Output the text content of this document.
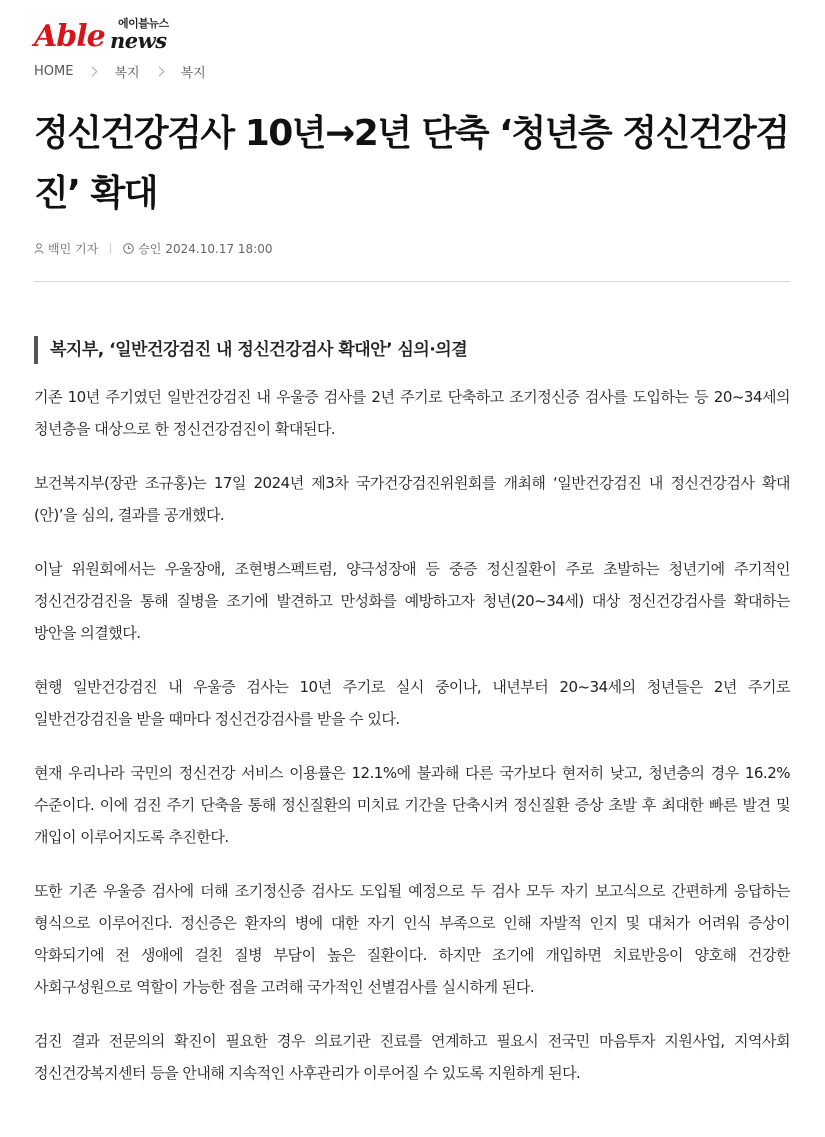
Able 에이블뉴스
news
HOME	복지	복지
정신건강검사 10년→2년 단축 ‘청년층 정신건강검진’ 확대
백민 기자	승인 2024.10.17 18:00
복지부, ‘일반건강검진 내 정신건강검사 확대안’ 심의·의결

기존 10년 주기였던 일반건강검진 내 우울증 검사를 2년 주기로 단축하고 조기정신증 검사를 도입하는 등 20~34세의 청년층을 대상으로 한 정신건강검진이 확대된다.

보건복지부(장관 조규홍)는 17일 2024년 제3차 국가건강검진위원회를 개최해 ‘일반건강검진 내 정신건강검사 확대(안)’을 심의, 결과를 공개했다.

이날 위원회에서는 우울장애, 조현병스펙트럼, 양극성장애 등 중증 정신질환이 주로 초발하는 청년기에 주기적인 정신건강검진을 통해 질병을 조기에 발견하고 만성화를 예방하고자 청년(20~34세) 대상 정신건강검사를 확대하는 방안을 의결했다.

현행 일반건강검진 내 우울증 검사는 10년 주기로 실시 중이나, 내년부터 20~34세의 청년들은 2년 주기로 일반건강검진을 받을 때마다 정신건강검사를 받을 수 있다.

현재 우리나라 국민의 정신건강 서비스 이용률은 12.1%에 불과해 다른 국가보다 현저히 낮고, 청년층의 경우 16.2% 수준이다. 이에 검진 주기 단축을 통해 정신질환의 미치료 기간을 단축시켜 정신질환 증상 초발 후 최대한 빠른 발견 및 개입이 이루어지도록 추진한다.

또한 기존 우울증 검사에 더해 조기정신증 검사도 도입될 예정으로 두 검사 모두 자기 보고식으로 간편하게 응답하는 형식으로 이루어진다. 정신증은 환자의 병에 대한 자기 인식 부족으로 인해 자발적 인지 및 대처가 어려워 증상이 악화되기에 전 생애에 걸친 질병 부담이 높은 질환이다. 하지만 조기에 개입하면 치료반응이 양호해 건강한 사회구성원으로 역할이 가능한 점을 고려해 국가적인 선별검사를 실시하게 된다.

검진 결과 전문의의 확진이 필요한 경우 의료기관 진료를 연계하고 필요시 전국민 마음투자 지원사업, 지역사회 정신건강복지센터 등을 안내해 지속적인 사후관리가 이루어질 수 있도록 지원하게 된다.
